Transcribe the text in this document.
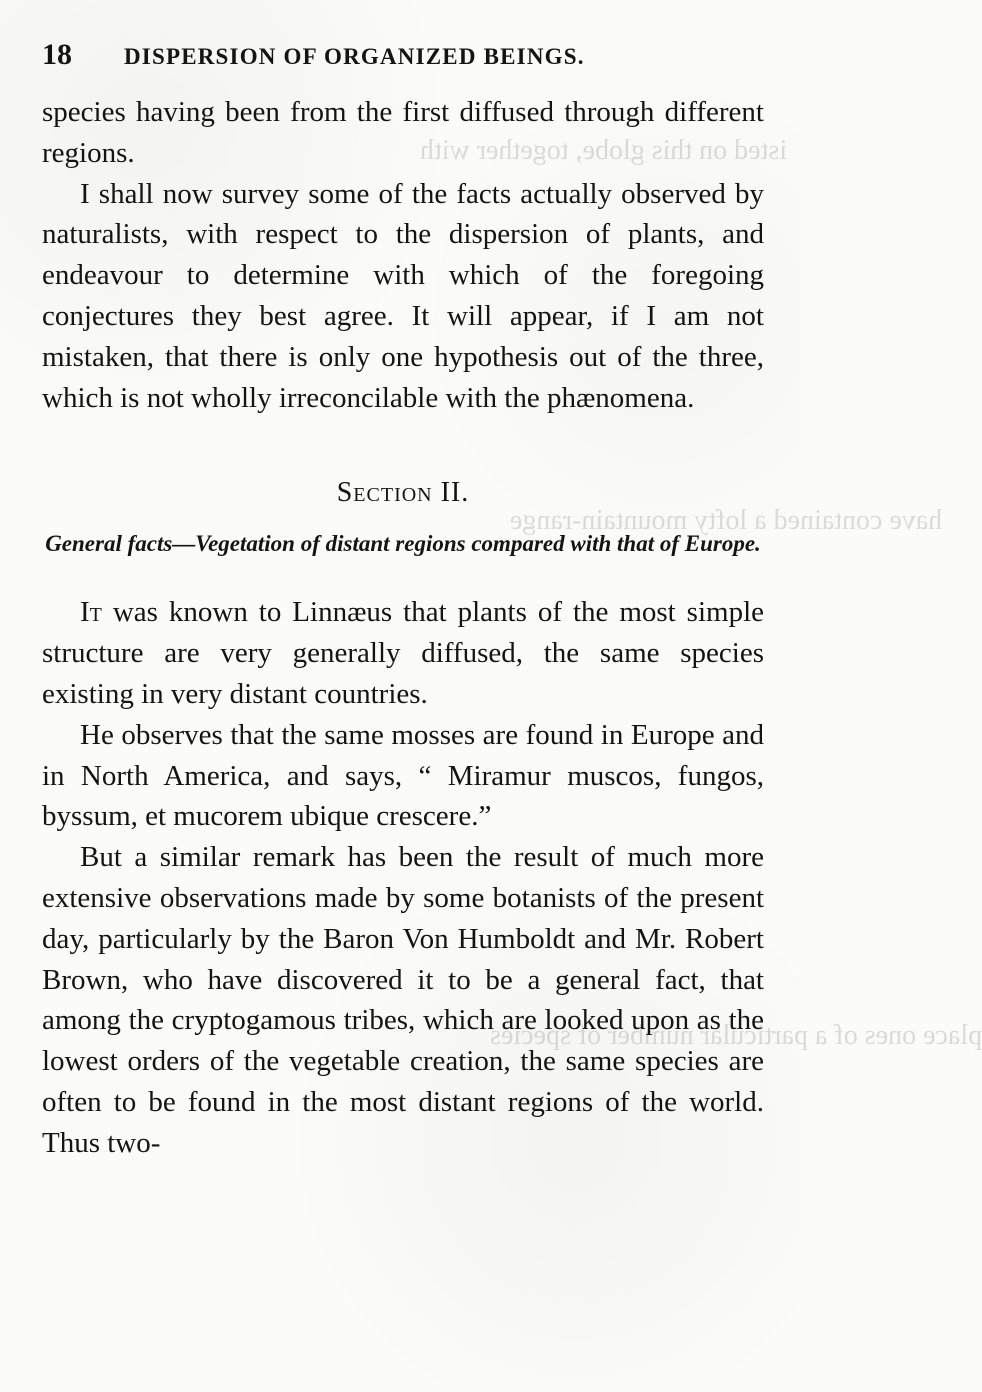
18	DISPERSION OF ORGANIZED BEINGS.

species having been from the first diffused through different regions.

I shall now survey some of the facts actually observed by naturalists, with respect to the dispersion of plants, and endeavour to determine with which of the foregoing conjectures they best agree. It will appear, if I am not mistaken, that there is only one hypothesis out of the three, which is not wholly irreconcilable with the phænomena.

Section II.
General facts—Vegetation of distant regions compared with that of Europe.

It was known to Linnæus that plants of the most simple structure are very generally diffused, the same species existing in very distant countries.

He observes that the same mosses are found in Europe and in North America, and says, “ Miramur muscos, fungos, byssum, et mucorem ubique crescere.”

But a similar remark has been the result of much more extensive observations made by some botanists of the present day, particularly by the Baron Von Humboldt and Mr. Robert Brown, who have discovered it to be a general fact, that among the cryptogamous tribes, which are looked upon as the lowest orders of the vegetable creation, the same species are often to be found in the most distant regions of the world. Thus two-

isted on this globe, together with
have contained a lofty mountain-range
place ones of a particular number of species
